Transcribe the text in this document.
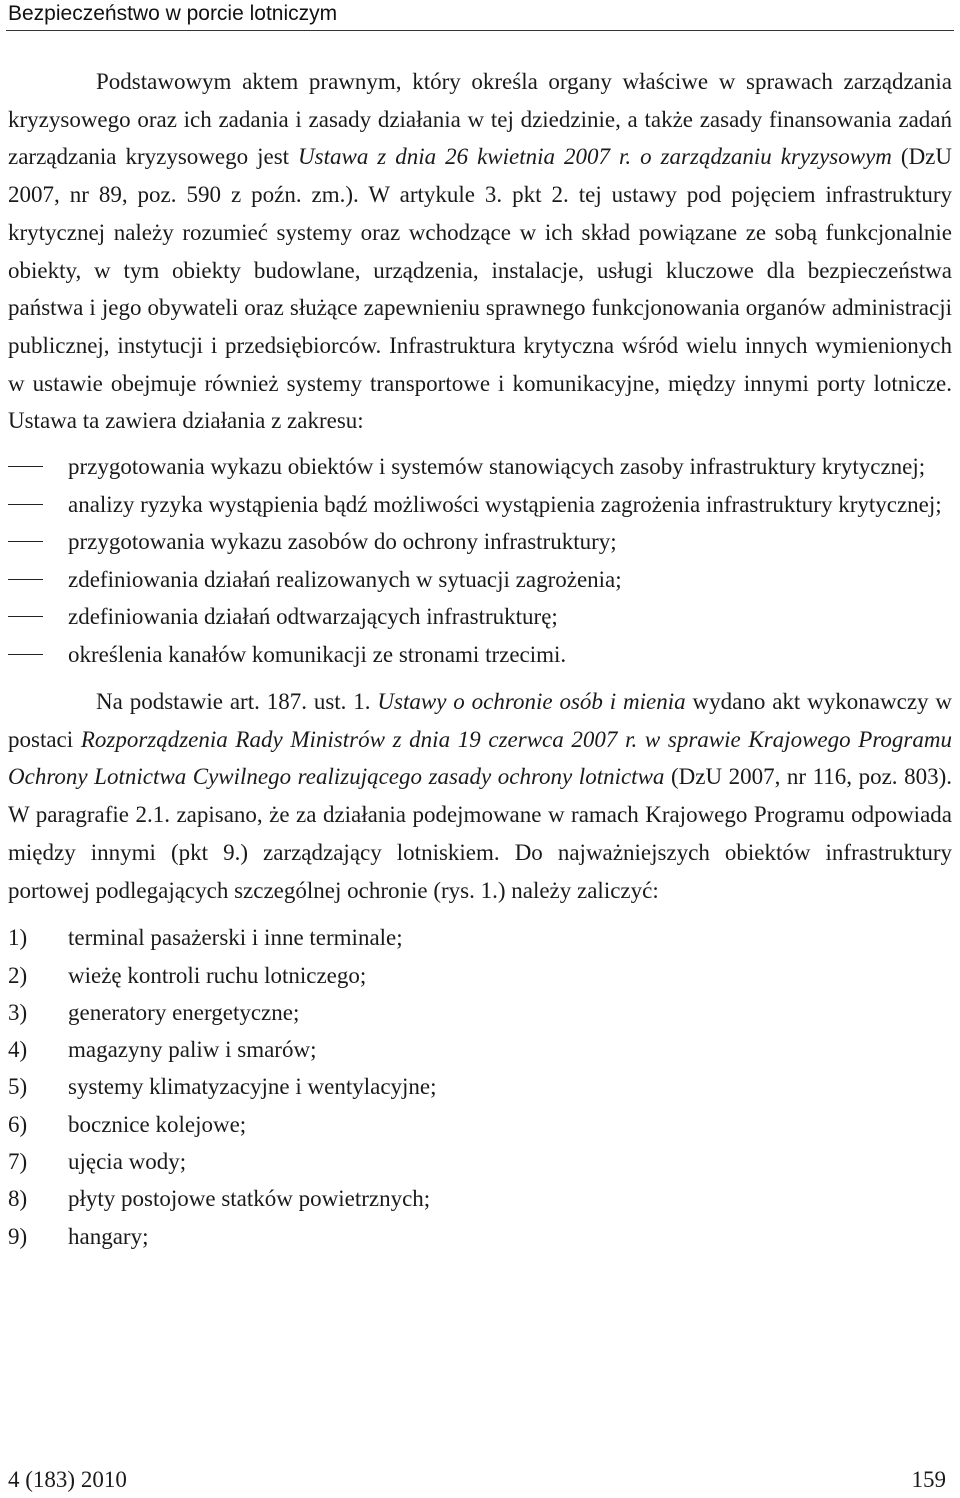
Bezpieczeństwo w porcie lotniczym

Podstawowym aktem prawnym, który określa organy właściwe w sprawach zarządzania kryzysowego oraz ich zadania i zasady działania w tej dziedzinie, a także zasady finansowania zadań zarządzania kryzysowego jest Ustawa z dnia 26 kwietnia 2007 r. o zarządzaniu kryzysowym (DzU 2007, nr 89, poz. 590 z poźn. zm.). W artykule 3. pkt 2. tej ustawy pod pojęciem infrastruktury krytycznej należy rozumieć systemy oraz wchodzące w ich skład powiązane ze sobą funkcjonalnie obiekty, w tym obiekty budowlane, urządzenia, instalacje, usługi kluczowe dla bezpieczeństwa państwa i jego obywateli oraz służące zapewnieniu sprawnego funkcjonowania organów administracji publicznej, instytucji i przedsiębiorców. Infrastruktura krytyczna wśród wielu innych wymienionych w ustawie obejmuje również systemy transportowe i komunikacyjne, między innymi porty lotnicze. Ustawa ta zawiera działania z zakresu:

przygotowania wykazu obiektów i systemów stanowiących zasoby infrastruktury krytycznej;
analizy ryzyka wystąpienia bądź możliwości wystąpienia zagrożenia infrastruktury krytycznej;
przygotowania wykazu zasobów do ochrony infrastruktury;
zdefiniowania działań realizowanych w sytuacji zagrożenia;
zdefiniowania działań odtwarzających infrastrukturę;
określenia kanałów komunikacji ze stronami trzecimi.

Na podstawie art. 187. ust. 1. Ustawy o ochronie osób i mienia wydano akt wykonawczy w postaci Rozporządzenia Rady Ministrów z dnia 19 czerwca 2007 r. w sprawie Krajowego Programu Ochrony Lotnictwa Cywilnego realizującego zasady ochrony lotnictwa (DzU 2007, nr 116, poz. 803). W paragrafie 2.1. zapisano, że za działania podejmowane w ramach Krajowego Programu odpowiada między innymi (pkt 9.) zarządzający lotniskiem. Do najważniejszych obiektów infrastruktury portowej podlegających szczególnej ochronie (rys. 1.) należy zaliczyć:

1) terminal pasażerski i inne terminale;
2) wieżę kontroli ruchu lotniczego;
3) generatory energetyczne;
4) magazyny paliw i smarów;
5) systemy klimatyzacyjne i wentylacyjne;
6) bocznice kolejowe;
7) ujęcia wody;
8) płyty postojowe statków powietrznych;
9) hangary;
4 (183) 2010	159
